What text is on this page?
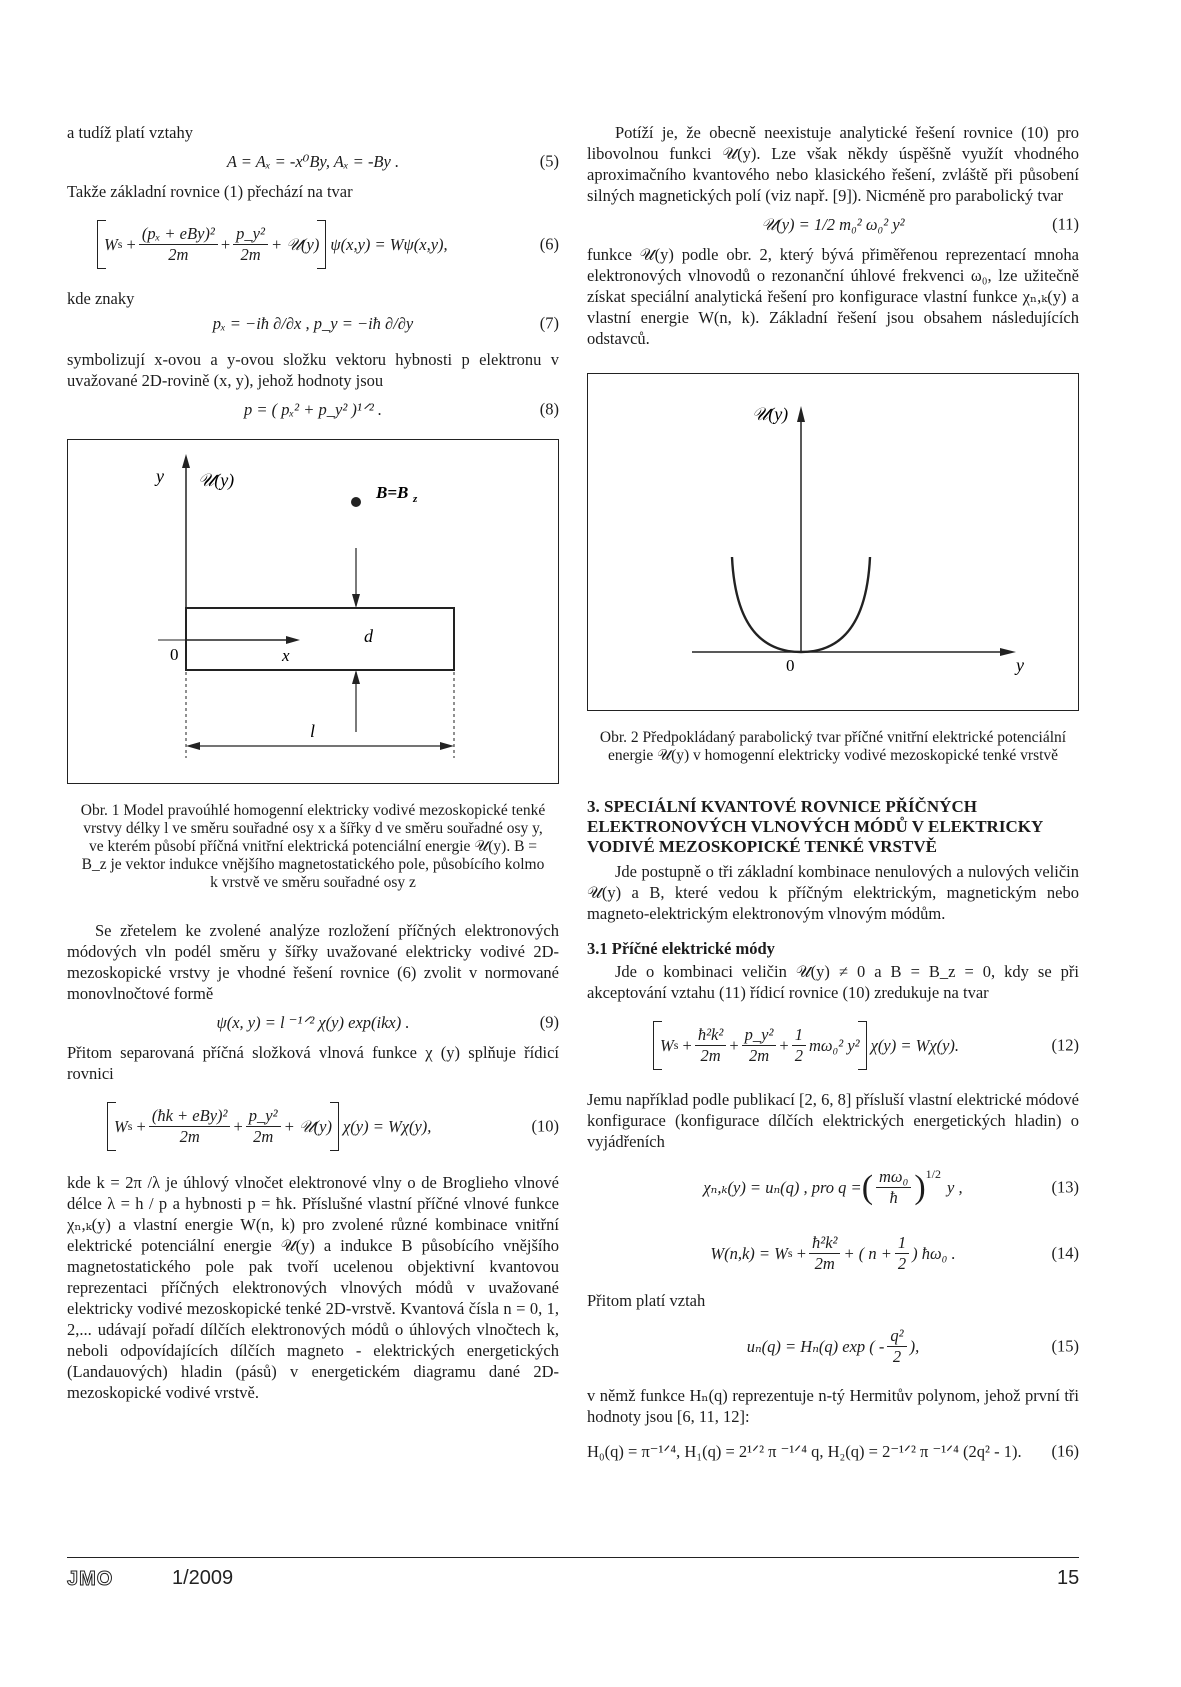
a tudíž platí vztahy

A = Aₓ = -x⁰By, Aₓ = -By .	(5)

Takže základní rovnice (1) přechází na tvar

W $s + \frac{\text{(pₓ + eBy)²}}{2m} + \frac{\text{p\_y²}}{2m}$ + 𝒰(y) ψ(x,y) = Wψ(x,y),	(6)

kde znaky

pₓ = −iħ ∂/∂x , p_y = −iħ ∂/∂y	(7)

symbolizují x-ovou a y-ovou složku vektoru hybnosti p elektronu v uvažované 2D-rovině (x, y), jehož hodnoty jsou

p = ( pₓ² + p_y² )¹ᐟ² .	(8)
y 𝒰(y)
B=B z
d
0	x
l

Obr. 1 Model pravoúhlé homogenní elektricky vodivé mezoskopické tenké vrstvy délky l ve směru souřadné osy x a šířky d ve směru souřadné osy y, ve kterém působí příčná vnitřní elektrická potenciální energie 𝒰(y). B = B_z je vektor indukce vnějšího magnetostatického pole, působícího kolmo k vrstvě ve směru souřadné osy z

Se zřetelem ke zvolené analýze rozložení příčných elektronových módových vln podél směru y šířky uvažované elektricky vodivé 2D-mezoskopické vrstvy je vhodné řešení rovnice (6) zvolit v normované monovlnočtové formě

ψ(x, y) = l ⁻¹ᐟ² χ(y) exp(ikx) .	(9)

Přitom separovaná příčná složková vlnová funkce χ (y) splňuje řídicí rovnici

W $s + \frac{\text{(ħk + eBy)²}}{2m} + \frac{\text{p\_y²}}{2m}$ + 𝒰(y) χ(y) = Wχ(y),	(10)

kde k = 2π /λ je úhlový vlnočet elektronové vlny o de Broglieho vlnové délce λ = h / p a hybnosti p = ħk. Příslušné vlastní příčné vlnové funkce χₙ,ₖ(y) a vlastní energie W(n, k) pro zvolené různé kombinace vnitřní elektrické potenciální energie 𝒰(y) a indukce B působícího vnějšího magnetostatického pole pak tvoří ucelenou objektivní kvantovou reprezentaci příčných elektronových vlnových módů v uvažované elektricky vodivé mezoskopické tenké 2D-vrstvě. Kvantová čísla n = 0, 1, 2,... udávají pořadí dílčích elektronových módů o úhlových vlnočtech k, neboli odpovídajících dílčích magneto - elektrických energetických (Landauových) hladin (pásů) v energetickém diagramu dané 2D-mezoskopické vodivé vrstvě.

Potíží je, že obecně neexistuje analytické řešení rovnice (10) pro libovolnou funkci 𝒰(y). Lze však někdy úspěšně využít vhodného aproximačního kvantového nebo klasického řešení, zvláště při působení silných magnetických polí (viz např. [9]). Nicméně pro parabolický tvar

𝒰(y) = 1/2 m₀² ω₀² y²	(11)

funkce 𝒰(y) podle obr. 2, který bývá přiměřenou reprezentací mnoha elektronových vlnovodů o rezonanční úhlové frekvenci ω₀, lze užitečně získat speciální analytická řešení pro konfigurace vlastní funkce χₙ,ₖ(y) a vlastní energie W(n, k). Základní řešení jsou obsahem následujících odstavců.

𝒰(y)
0	y

Obr. 2 Předpokládaný parabolický tvar příčné vnitřní elektrické potenciální energie 𝒰(y) v homogenní elektricky vodivé mezoskopické tenké vrstvě

3. SPECIÁLNÍ KVANTOVÉ ROVNICE PŘÍČNÝCH ELEKTRONOVÝCH VLNOVÝCH MÓDŮ V ELEKTRICKY VODIVÉ MEZOSKOPICKÉ TENKÉ VRSTVĚ

Jde postupně o tři základní kombinace nenulových a nulových veličin 𝒰(y) a B, které vedou k příčným elektrickým, magnetickým nebo magneto-elektrickým elektronovým vlnovým módům.

3.1 Příčné elektrické módy

Jde o kombinaci veličin 𝒰(y) ≠ 0 a B = B_z = 0, kdy se při akceptování vztahu (11) řídicí rovnice (10) zredukuje na tvar

W $s + \frac{\text{ħ²k²}}{2m} + \frac{\text{p\_y²}}{2m} + \frac{1}{2} m\omega_0^2$ y² χ(y) = Wχ(y).	(12)

Jemu například podle publikací [2, 6, 8] přísluší vlastní elektrické módové konfigurace (konfigurace dílčích elektrických energetických hladin) o vyjádřeních

χₙ,ₖ(y) = uₙ(q) , pro q = ( $\frac{\text{mω₀}}{ħ} )^{1/2}$
y ,	(13)
W(n,k) = W $s + \frac{\text{ħ²k²}}{2m}$ + ( $n + \frac{1}{2}$ ) ħω₀ .	(14)

Přitom platí vztah

uₙ(q) = Hₙ(q) exp ( - $\frac{\text{q²}}{2}$ ),	(15)

v němž funkce Hₙ(q) reprezentuje n-tý Hermitův polynom, jehož první tři hodnoty jsou [6, 11, 12]:

H₀(q) = π⁻¹ᐟ⁴, H₁(q) = 2¹ᐟ² π ⁻¹ᐟ⁴ q, H₂(q) = 2⁻¹ᐟ² π ⁻¹ᐟ⁴ (2q² - 1). (16)
JMO	1/2009	15
